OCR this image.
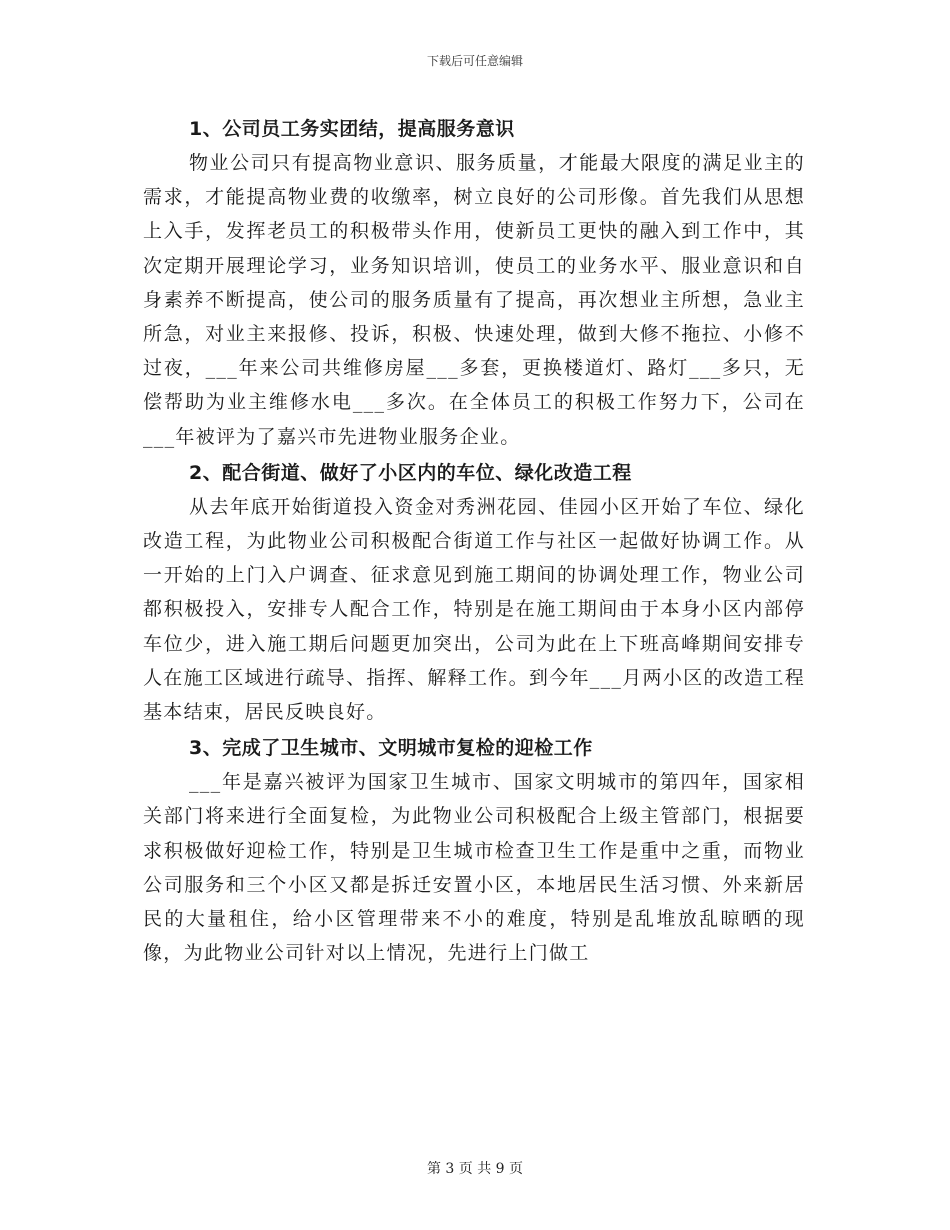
下载后可任意编辑
1、公司员工务实团结，提高服务意识

物业公司只有提高物业意识、服务质量，才能最大限度的满足业主的需求，才能提高物业费的收缴率，树立良好的公司形像。首先我们从思想上入手，发挥老员工的积极带头作用，使新员工更快的融入到工作中，其次定期开展理论学习，业务知识培训，使员工的业务水平、服业意识和自身素养不断提高，使公司的服务质量有了提高，再次想业主所想，急业主所急，对业主来报修、投诉，积极、快速处理，做到大修不拖拉、小修不过夜，___年来公司共维修房屋___多套，更换楼道灯、路灯___多只，无偿帮助为业主维修水电___多次。在全体员工的积极工作努力下，公司在___年被评为了嘉兴市先进物业服务企业。

2、配合街道、做好了小区内的车位、绿化改造工程

从去年底开始街道投入资金对秀洲花园、佳园小区开始了车位、绿化改造工程，为此物业公司积极配合街道工作与社区一起做好协调工作。从一开始的上门入户调查、征求意见到施工期间的协调处理工作，物业公司都积极投入，安排专人配合工作，特别是在施工期间由于本身小区内部停车位少，进入施工期后问题更加突出，公司为此在上下班高峰期间安排专人在施工区域进行疏导、指挥、解释工作。到今年___月两小区的改造工程基本结束，居民反映良好。

3、完成了卫生城市、文明城市复检的迎检工作

___年是嘉兴被评为国家卫生城市、国家文明城市的第四年，国家相关部门将来进行全面复检，为此物业公司积极配合上级主管部门，根据要求积极做好迎检工作，特别是卫生城市检查卫生工作是重中之重，而物业公司服务和三个小区又都是拆迁安置小区，本地居民生活习惯、外来新居民的大量租住，给小区管理带来不小的难度，特别是乱堆放乱晾晒的现像，为此物业公司针对以上情况，先进行上门做工

第 3 页 共 9 页
